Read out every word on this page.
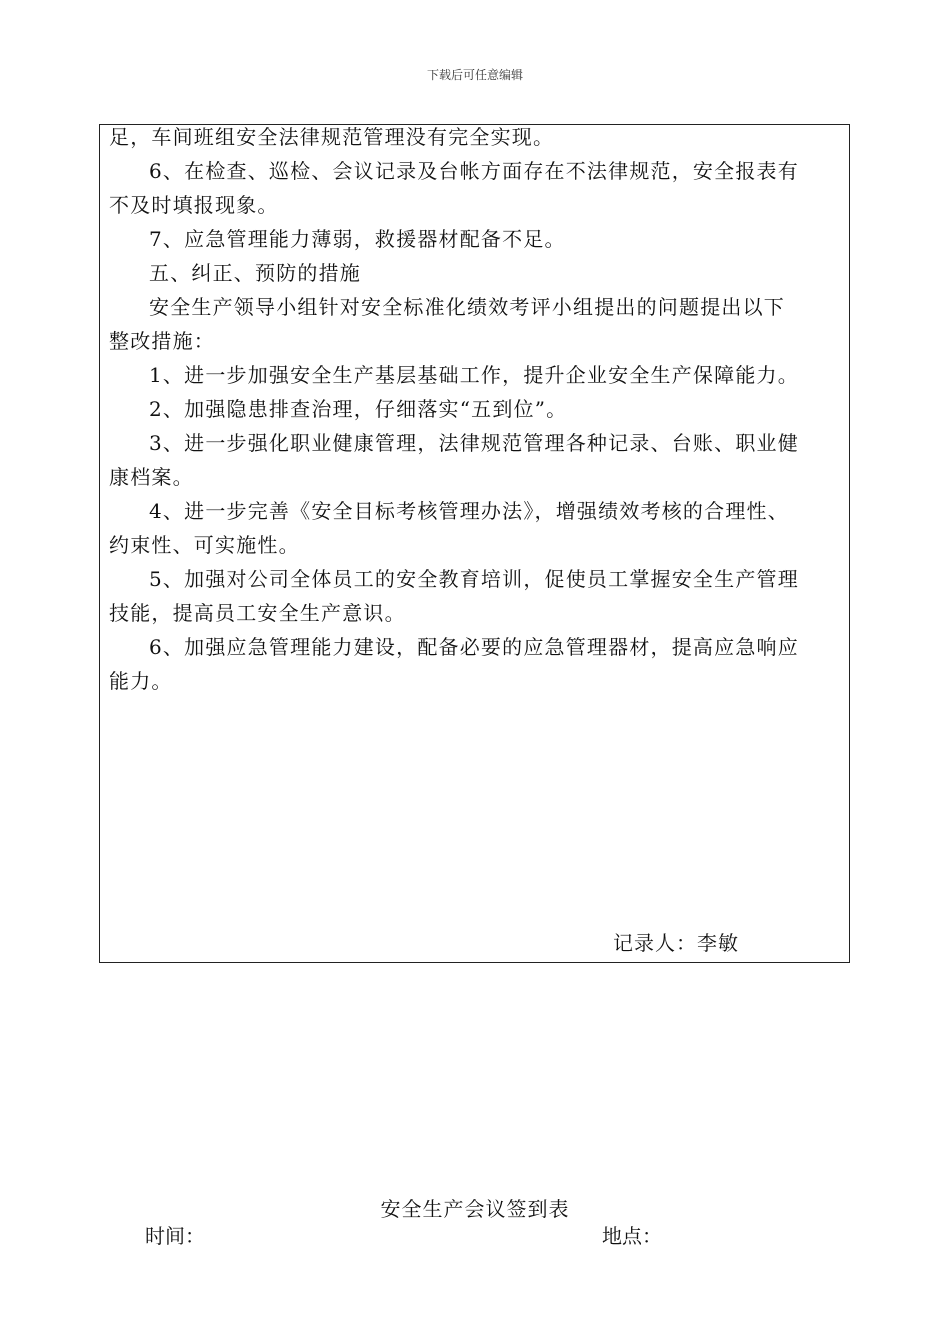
下载后可任意编辑
足，车间班组安全法律规范管理没有完全实现。
6、在检查、巡检、会议记录及台帐方面存在不法律规范，安全报表有
不及时填报现象。
7、应急管理能力薄弱，救援器材配备不足。
五、纠正、预防的措施
安全生产领导小组针对安全标准化绩效考评小组提出的问题提出以下
整改措施：
1、进一步加强安全生产基层基础工作，提升企业安全生产保障能力。
2、加强隐患排查治理，仔细落实“五到位”。
3、进一步强化职业健康管理，法律规范管理各种记录、台账、职业健
康档案。
4、进一步完善《安全目标考核管理办法》，增强绩效考核的合理性、
约束性、可实施性。
5、加强对公司全体员工的安全教育培训，促使员工掌握安全生产管理
技能，提高员工安全生产意识。
6、加强应急管理能力建设，配备必要的应急管理器材，提高应急响应
能力。
记录人：李敏
安全生产会议签到表
时间：	地点：
